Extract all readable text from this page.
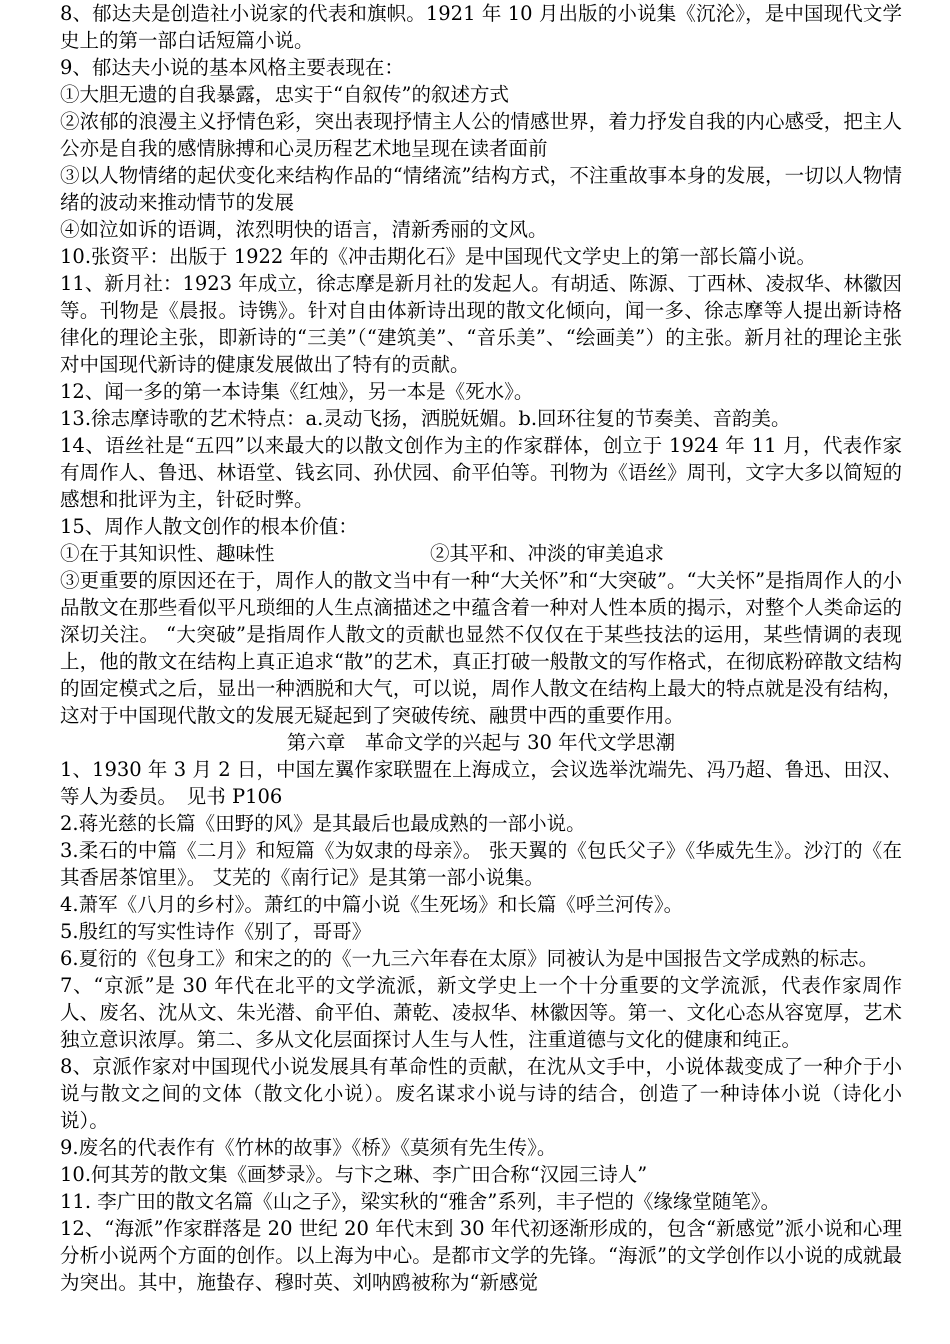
8、郁达夫是创造社小说家的代表和旗帜。1921 年 10 月出版的小说集《沉沦》，是中国现代文学史上的第一部白话短篇小说。

9、郁达夫小说的基本风格主要表现在：

①大胆无遗的自我暴露，忠实于“自叙传”的叙述方式

②浓郁的浪漫主义抒情色彩，突出表现抒情主人公的情感世界，着力抒发自我的内心感受，把主人公亦是自我的感情脉搏和心灵历程艺术地呈现在读者面前

③以人物情绪的起伏变化来结构作品的“情绪流”结构方式，不注重故事本身的发展，一切以人物情绪的波动来推动情节的发展

④如泣如诉的语调，浓烈明快的语言，清新秀丽的文风。

10.张资平：出版于 1922 年的《冲击期化石》是中国现代文学史上的第一部长篇小说。

11、新月社：1923 年成立，徐志摩是新月社的发起人。有胡适、陈源、丁西林、凌叔华、林徽因等。刊物是《晨报。诗镌》。针对自由体新诗出现的散文化倾向，闻一多、徐志摩等人提出新诗格律化的理论主张，即新诗的“三美”（“建筑美”、“音乐美”、“绘画美”）的主张。新月社的理论主张对中国现代新诗的健康发展做出了特有的贡献。

12、闻一多的第一本诗集《红烛》，另一本是《死水》。

13.徐志摩诗歌的艺术特点：a.灵动飞扬，洒脱妩媚。b.回环往复的节奏美、音韵美。

14、语丝社是“五四”以来最大的以散文创作为主的作家群体，创立于 1924 年 11 月，代表作家有周作人、鲁迅、林语堂、钱玄同、孙伏园、俞平伯等。刊物为《语丝》周刊，文字大多以简短的感想和批评为主，针砭时弊。

15、周作人散文创作的根本价值：

①在于其知识性、趣味性	②其平和、冲淡的审美追求

③更重要的原因还在于，周作人的散文当中有一种“大关怀”和“大突破”。“大关怀”是指周作人的小品散文在那些看似平凡琐细的人生点滴描述之中蕴含着一种对人性本质的揭示，对整个人类命运的深切关注。 “大突破”是指周作人散文的贡献也显然不仅仅在于某些技法的运用，某些情调的表现上，他的散文在结构上真正追求“散”的艺术，真正打破一般散文的写作格式，在彻底粉碎散文结构的固定模式之后，显出一种洒脱和大气，可以说，周作人散文在结构上最大的特点就是没有结构，这对于中国现代散文的发展无疑起到了突破传统、融贯中西的重要作用。

第六章　革命文学的兴起与 30 年代文学思潮

1、1930 年 3 月 2 日，中国左翼作家联盟在上海成立，会议选举沈端先、冯乃超、鲁迅、田汉、等人为委员。　见书 P106

2.蒋光慈的长篇《田野的风》是其最后也最成熟的一部小说。

3.柔石的中篇《二月》和短篇《为奴隶的母亲》。 张天翼的《包氏父子》《华威先生》。沙汀的《在其香居茶馆里》。 艾芜的《南行记》是其第一部小说集。

4.萧军《八月的乡村》。萧红的中篇小说《生死场》和长篇《呼兰河传》。

5.殷红的写实性诗作《别了，哥哥》

6.夏衍的《包身工》和宋之的的《一九三六年春在太原》同被认为是中国报告文学成熟的标志。

7、“京派”是 30 年代在北平的文学流派，新文学史上一个十分重要的文学流派，代表作家周作人、废名、沈从文、朱光潜、俞平伯、萧乾、凌叔华、林徽因等。第一、文化心态从容宽厚，艺术独立意识浓厚。第二、多从文化层面探讨人生与人性，注重道德与文化的健康和纯正。

8、京派作家对中国现代小说发展具有革命性的贡献，在沈从文手中，小说体裁变成了一种介于小说与散文之间的文体（散文化小说）。废名谋求小说与诗的结合，创造了一种诗体小说（诗化小说）。

9.废名的代表作有《竹林的故事》《桥》《莫须有先生传》。

10.何其芳的散文集《画梦录》。与卞之琳、李广田合称“汉园三诗人”

11. 李广田的散文名篇《山之子》，梁实秋的“雅舍”系列，丰子恺的《缘缘堂随笔》。

12、“海派”作家群落是 20 世纪 20 年代末到 30 年代初逐渐形成的，包含“新感觉”派小说和心理分析小说两个方面的创作。以上海为中心。是都市文学的先锋。“海派”的文学创作以小说的成就最为突出。其中，施蛰存、穆时英、刘呐鸥被称为“新感觉
